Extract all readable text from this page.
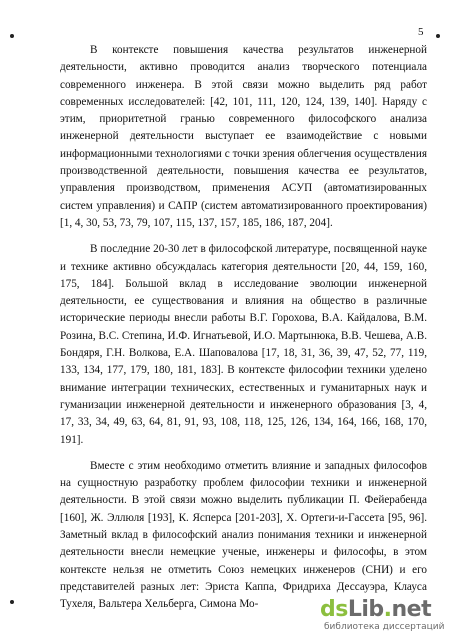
5

В контексте повышения качества результатов инженерной деятельности, активно проводится анализ творческого потенциала современного инженера. В этой связи можно выделить ряд работ современных исследователей: [42, 101, 111, 120, 124, 139, 140]. Наряду с этим, приоритетной гранью современного философского анализа инженерной деятельности выступает ее взаимодействие с новыми информационными технологиями с точки зрения облегчения осуществления производственной деятельности, повышения качества ее результатов, управления производством, применения АСУП (автоматизированных систем управления) и САПР (систем автоматизированного проектирования) [1, 4, 30, 53, 73, 79, 107, 115, 137, 157, 185, 186, 187, 204].

В последние 20-30 лет в философской литературе, посвященной науке и технике активно обсуждалась категория деятельности [20, 44, 159, 160, 175, 184]. Большой вклад в исследование эволюции инженерной деятельности, ее существования и влияния на общество в различные исторические периоды внесли работы В.Г. Горохова, В.А. Кайдалова, В.М. Розина, В.С. Степина, И.Ф. Игнатьевой, И.О. Мартынюка, В.В. Чешева, А.В. Бондяря, Г.Н. Волкова, Е.А. Шаповалова [17, 18, 31, 36, 39, 47, 52, 77, 119, 133, 134, 177, 179, 180, 181, 183]. В контексте философии техники уделено внимание интеграции технических, естественных и гуманитарных наук и гуманизации инженерной деятельности и инженерного образования [3, 4, 17, 33, 34, 49, 63, 64, 81, 91, 93, 108, 118, 125, 126, 134, 164, 166, 168, 170, 191].

Вместе с этим необходимо отметить влияние и западных философов на сущностную разработку проблем философии техники и инженерной деятельности. В этой связи можно выделить публикации П. Фейерабенда [160], Ж. Эллюля [193], К. Ясперса [201-203], Х. Ортеги-и-Гассета [95, 96]. Заметный вклад в философский анализ понимания техники и инженерной деятельности внесли немецкие ученые, инженеры и философы, в этом контексте нельзя не отметить Союз немецких инженеров (СНИ) и его представителей разных лет: Эриста Каппа, Фридриха Дессауэра, Клауса Тухеля, Вальтера Хельберга, Симона Мо-	dsLib.net
библиотека диссертаций
